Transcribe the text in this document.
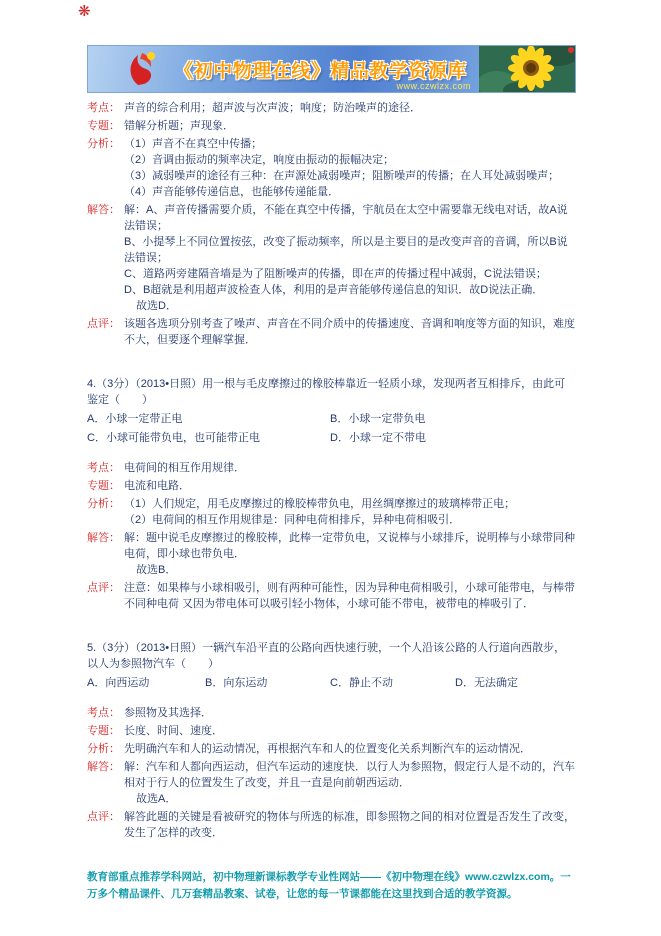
❋
《初中物理在线》精品教学资源库
www.czwlzx.com
考点： 声音的综合利用；超声波与次声波；响度；防治噪声的途径．
专题： 错解分析题；声现象．
分析： （1）声音不在真空中传播；
（2）音调由振动的频率决定，响度由振动的振幅决定；
（3）减弱噪声的途径有三种：在声源处减弱噪声；阻断噪声的传播；在人耳处减弱噪声；
（4）声音能够传递信息，也能够传递能量．
解答： 解：A、声音传播需要介质，不能在真空中传播，宇航员在太空中需要靠无线电对话，故A说法错误；
B、小提琴上不同位置按弦，改变了振动频率，所以是主要目的是改变声音的音调，所以B说法错误；
C、道路两旁建隔音墙是为了阻断噪声的传播，即在声的传播过程中减弱，C说法错误；
D、B超就是利用超声波检查人体，利用的是声音能够传递信息的知识．故D说法正确．
故选D．
点评： 该题各选项分别考查了噪声、声音在不同介质中的传播速度、音调和响度等方面的知识，难度不大，但要逐个理解掌握．
4.（3分）（2013•日照）用一根与毛皮摩擦过的橡胶棒靠近一轻质小球，发现两者互相排斥，由此可鉴定（　　）
A．小球一定带正电	B．小球一定带负电
C．小球可能带负电，也可能带正电	D．小球一定不带电
考点： 电荷间的相互作用规律．
专题： 电流和电路．
分析： （1）人们规定，用毛皮摩擦过的橡胶棒带负电，用丝绸摩擦过的玻璃棒带正电；
（2）电荷间的相互作用规律是：同种电荷相排斥，异种电荷相吸引．
解答： 解：题中说毛皮摩擦过的橡胶棒，此棒一定带负电，又说棒与小球排斥，说明棒与小球带同种电荷，即小球也带负电．
故选B．
点评： 注意：如果棒与小球相吸引，则有两种可能性，因为异种电荷相吸引，小球可能带电，与棒带不同种电荷 又因为带电体可以吸引轻小物体，小球可能不带电，被带电的棒吸引了．
5.（3分）（2013•日照）一辆汽车沿平直的公路向西快速行驶，一个人沿该公路的人行道向西散步，以人为参照物汽车（　　）
A．向西运动	B．向东运动	C．静止不动	D．无法确定
考点： 参照物及其选择．
专题： 长度、时间、速度．
分析： 先明确汽车和人的运动情况，再根据汽车和人的位置变化关系判断汽车的运动情况．
解答： 解：汽车和人都向西运动，但汽车运动的速度快．以行人为参照物，假定行人是不动的，汽车相对于行人的位置发生了改变，并且一直是向前朝西运动．
故选A．
点评： 解答此题的关键是看被研究的物体与所选的标准，即参照物之间的相对位置是否发生了改变，发生了怎样的改变．
教育部重点推荐学科网站，初中物理新课标教学专业性网站——《初中物理在线》www.czwlzx.com。一万多个精品课件、几万套精品教案、试卷，让您的每一节课都能在这里找到合适的教学资源。
